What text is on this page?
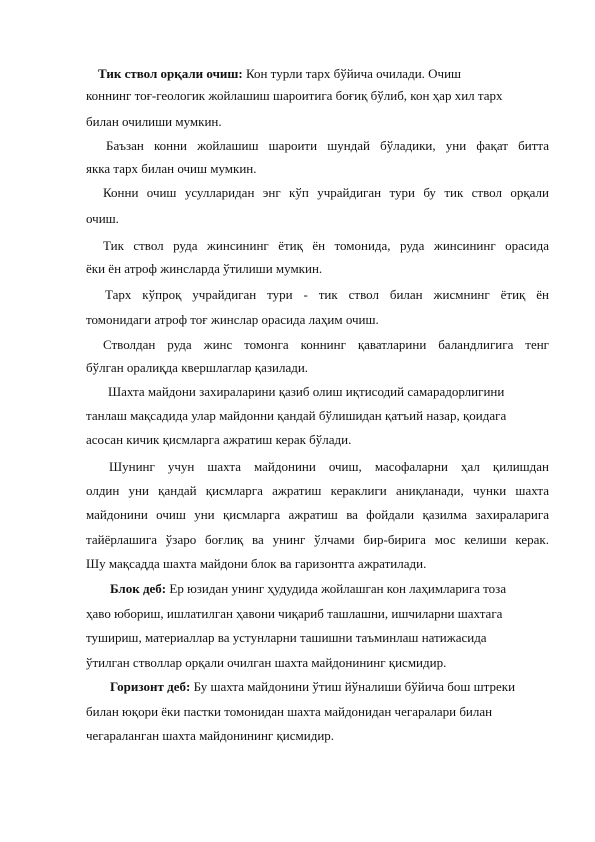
Тик ствол орқали очиш: Кон турли тарх бўйича очилади. Очиш
коннинг тоғ-геологик жойлашиш шароитига боғиқ бўлиб, кон ҳар хил тарх
билан очилиши мумкин.
Баъзан конни жойлашиш шароити шундай бўладики, уни фақат битта
якка тарх билан очиш мумкин.
Конни очиш усулларидан энг кўп учрайдиган тури бу тик ствол орқали
очиш.
Тик ствол руда жинсининг ётиқ ён томонида, руда жинсининг орасида
ёки ён атроф жинсларда ўтилиши мумкин.
Тарх кўпроқ учрайдиган тури - тик ствол билан жисмнинг ётиқ ён
томонидаги атроф тоғ жинслар орасида лаҳим очиш.
Стволдан руда жинс томонга коннинг қаватларини баландлигига тенг
бўлган оралиқда квершлаглар қазилади.
Шахта майдони захираларини қазиб олиш иқтисодий самарадорлигини
танлаш мақсадида улар майдонни қандай бўлишидан қатъий назар, қоидага
асосан кичик қисмларга ажратиш керак бўлади.
Шунинг учун шахта майдонини очиш, масофаларни ҳал қилишдан
олдин уни қандай қисмларга ажратиш кераклиги аниқланади, чунки шахта
майдонини очиш уни қисмларга ажратиш ва фойдали қазилма захираларига
тайёрлашига ўзаро боғлиқ ва унинг ўлчами бир-бирига мос келиши керак.
Шу мақсадда шахта майдони блок ва гаризонтга ажратилади.
Блок деб: Ер юзидан унинг ҳудудида жойлашган кон лаҳимларига тоза
ҳаво юбориш, ишлатилган ҳавони чиқариб ташлашни, ишчиларни шахтага
тушириш, материаллар ва устунларни ташишни таъминлаш натижасида
ўтилган стволлар орқали очилган шахта майдонининг қисмидир.
Горизонт деб: Бу шахта майдонини ўтиш йўналиши бўйича бош штреки
билан юқори ёки пастки томонидан шахта майдонидан чегаралари билан
чегараланган шахта майдонининг қисмидир.
